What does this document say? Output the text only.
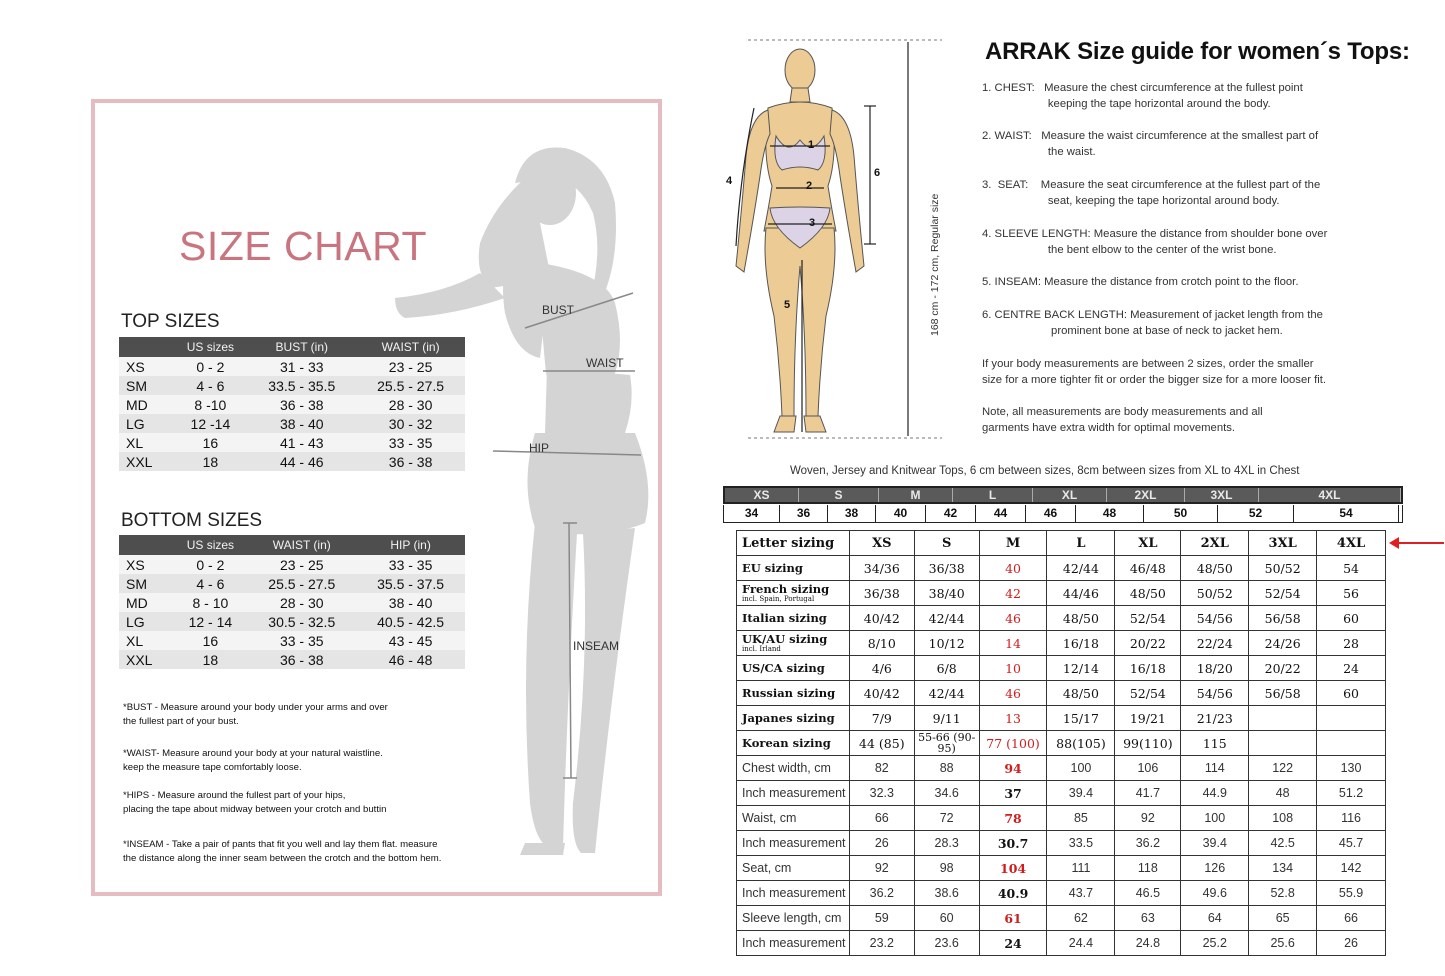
SIZE CHART
TOP SIZES
	US sizes	BUST (in)	WAIST (in)
XS	0 - 2	31 - 33	23 - 25
SM	4 - 6	33.5 - 35.5	25.5 - 27.5
MD	8 -10	36 - 38	28 - 30
LG	12 -14	38 - 40	30 - 32
XL	16	41 - 43	33 - 35
XXL	18	44 - 46	36 - 38
BUST
WAIST
HIP
INSEAM
BOTTOM SIZES
	US sizes	WAIST (in)	HIP (in)
XS	0 - 2	23 - 25	33 - 35
SM	4 - 6	25.5 - 27.5	35.5 - 37.5
MD	8 - 10	28 - 30	38 - 40
LG	12 - 14	30.5 - 32.5	40.5 - 42.5
XL	16	33 - 35	43 - 45
XXL	18	36 - 38	46 - 48
*BUST - Measure around your body under your arms and over
the fullest part of your bust.
*WAIST- Measure around your body at your natural waistline.
keep the measure tape comfortably loose.
*HIPS - Measure around the fullest part of your hips,
placing the tape about midway between your crotch and buttin
*INSEAM - Take a pair of pants that fit you well and lay them flat. measure
the distance along the inner seam between the crotch and the bottom hem.
1
2
3
4
5
6
168 cm - 172 cm, Regular size
ARRAK Size guide for women´s Tops:
1. CHEST:   Measure the chest circumference at the fullest point
keeping the tape horizontal around the body.
2. WAIST:   Measure the waist circumference at the smallest part of
the waist.
3.  SEAT:    Measure the seat circumference at the fullest part of the
seat, keeping the tape horizontal around body.
4. SLEEVE LENGTH: Measure the distance from shoulder bone over
the bent elbow to the center of the wrist bone.
5. INSEAM: Measure the distance from crotch point to the floor.
6. CENTRE BACK LENGTH: Measurement of jacket length from the
prominent bone at base of neck to jacket hem.
If your body measurements are between 2 sizes, order the smaller
size for a more tighter fit or order the bigger size for a more looser fit.
Note, all measurements are body measurements and all
garments have extra width for optimal movements.
Woven, Jersey and Knitwear Tops, 6 cm between sizes, 8cm between sizes from XL to 4XL in Chest
XS	S	M	L	XL	2XL	3XL	4XL
34	36	38	40	42	44	46	48	50	52	54
Letter sizing	XS	S	M	L	XL	2XL	3XL	4XL
EU sizing	34/36	36/38	40	42/44	46/48	48/50	50/52	54
French sizing
incl. Spain, Portugal	36/38	38/40	42	44/46	48/50	50/52	52/54	56
Italian sizing	40/42	42/44	46	48/50	52/54	54/56	56/58	60
UK/AU sizing
incl. Irland	8/10	10/12	14	16/18	20/22	22/24	24/26	28
US/CA sizing	4/6	6/8	10	12/14	16/18	18/20	20/22	24
Russian sizing	40/42	42/44	46	48/50	52/54	54/56	56/58	60
Japanes sizing	7/9	9/11	13	15/17	19/21	21/23		
Korean sizing	44 (85)	55-66 (90-95)	77 (100)	88(105)	99(110)	115		
Chest width, cm	82	88	94	100	106	114	122	130
Inch measurement	32.3	34.6	37	39.4	41.7	44.9	48	51.2
Waist, cm	66	72	78	85	92	100	108	116
Inch measurement	26	28.3	30.7	33.5	36.2	39.4	42.5	45.7
Seat, cm	92	98	104	111	118	126	134	142
Inch measurement	36.2	38.6	40.9	43.7	46.5	49.6	52.8	55.9
Sleeve length, cm	59	60	61	62	63	64	65	66
Inch measurement	23.2	23.6	24	24.4	24.8	25.2	25.6	26
